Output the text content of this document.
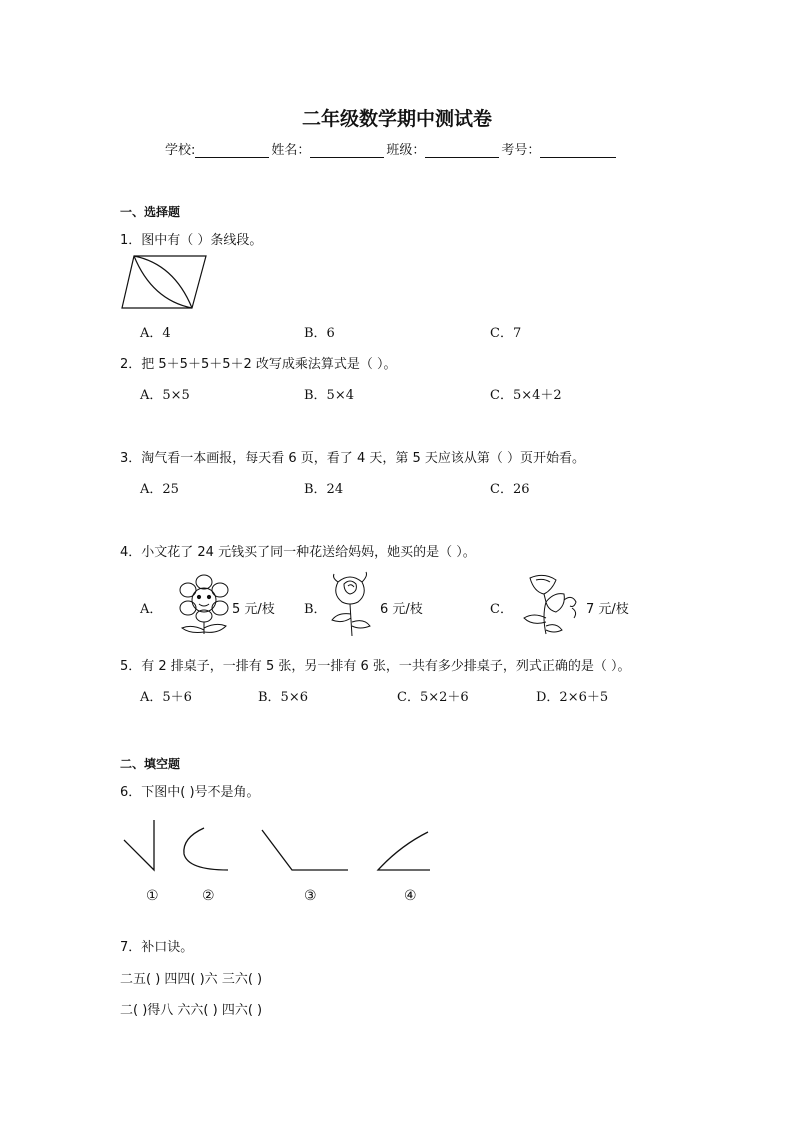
二年级数学期中测试卷
学校:	姓名：	班级：	考号：
一、选择题
1．图中有（ ）条线段。
A．4	B．6	C．7
2．把 5＋5＋5＋5＋2 改写成乘法算式是（ ）。
A．5×5	B．5×4	C．5×4＋2
3．淘气看一本画报，每天看 6 页，看了 4 天，第 5 天应该从第（ ）页开始看。
A．25	B．24	C．26
4．小文花了 24 元钱买了同一种花送给妈妈，她买的是（ ）。
A．	5 元/枝 B．	6 元/枝	C．	7 元/枝
5．有 2 排桌子，一排有 5 张，另一排有 6 张，一共有多少排桌子，列式正确的是（ ）。
A．5＋6	B．5×6	C．5×2＋6	D．2×6＋5
二、填空题
6．下图中( )号不是角。
①	②	③	④
7．补口诀。
二五( ) 四四( )六 三六( )
二( )得八 六六( ) 四六( )
